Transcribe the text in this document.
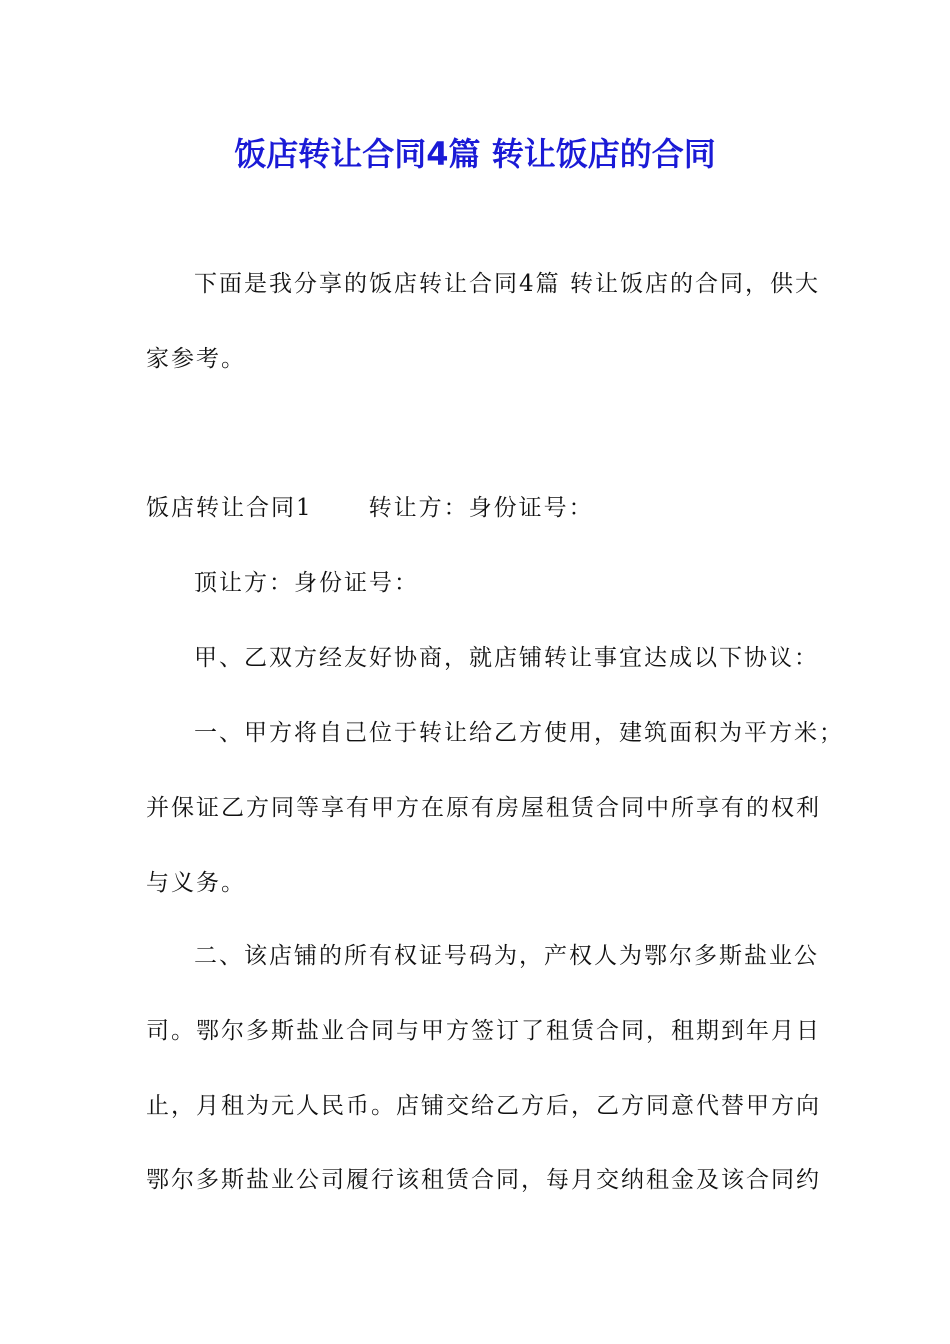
饭店转让合同4篇 转让饭店的合同
下面是我分享的饭店转让合同4篇 转让饭店的合同，供大
家参考。
饭店转让合同1 转让方：身份证号：
顶让方：身份证号：
甲、乙双方经友好协商，就店铺转让事宜达成以下协议：
一、甲方将自己位于转让给乙方使用，建筑面积为平方米；
并保证乙方同等享有甲方在原有房屋租赁合同中所享有的权利
与义务。
二、该店铺的所有权证号码为，产权人为鄂尔多斯盐业公
司。鄂尔多斯盐业合同与甲方签订了租赁合同，租期到年月日
止，月租为元人民币。店铺交给乙方后，乙方同意代替甲方向
鄂尔多斯盐业公司履行该租赁合同，每月交纳租金及该合同约
